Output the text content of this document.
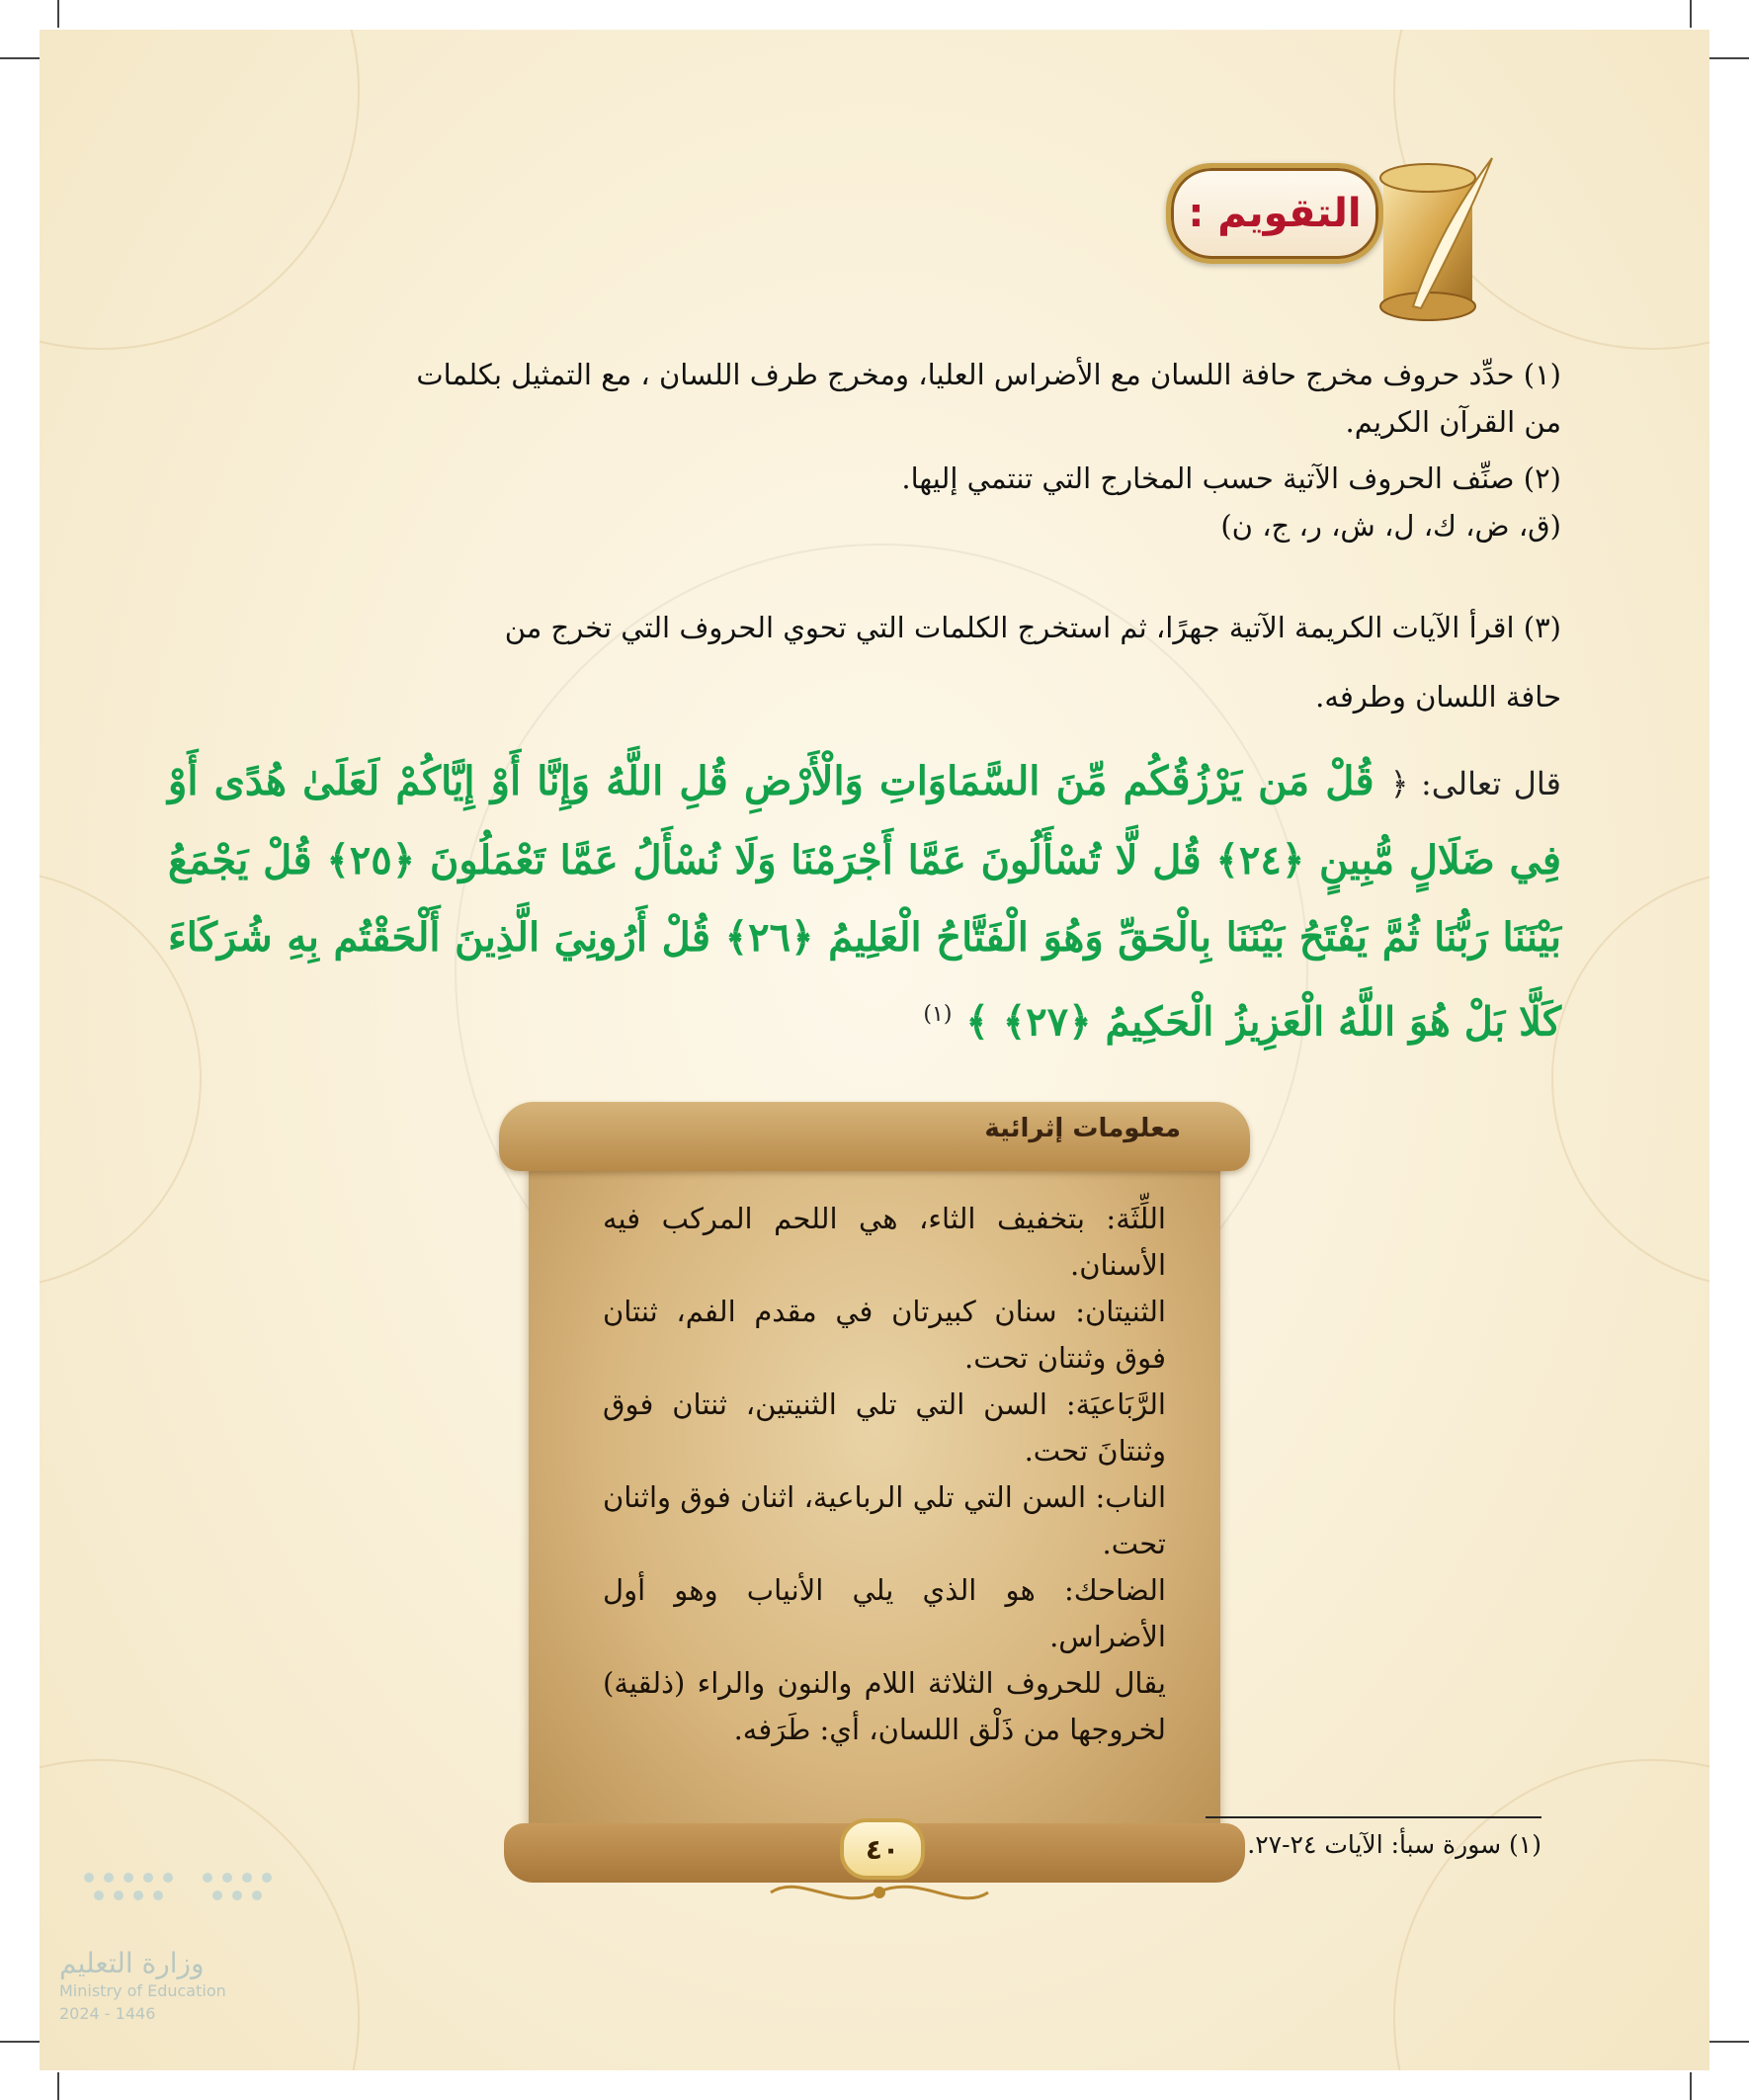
التقويم :
(١) حدِّد حروف مخرج حافة اللسان مع الأضراس العليا، ومخرج طرف اللسان ، مع التمثيل بكلمات
من القرآن الكريم.
(٢) صنِّف الحروف الآتية حسب المخارج التي تنتمي إليها.
(ق، ض، ك، ل، ش، ر، ج، ن)
(٣) اقرأ الآيات الكريمة الآتية جهرًا، ثم استخرج الكلمات التي تحوي الحروف التي تخرج من
حافة اللسان وطرفه.
قال تعالى: ﴿ قُلْ مَن يَرْزُقُكُم مِّنَ السَّمَاوَاتِ وَالْأَرْضِ قُلِ اللَّهُ وَإِنَّا أَوْ إِيَّاكُمْ لَعَلَىٰ هُدًى أَوْ فِي ضَلَالٍ مُّبِينٍ ﴿٢٤﴾ قُل لَّا تُسْأَلُونَ عَمَّا أَجْرَمْنَا وَلَا نُسْأَلُ عَمَّا تَعْمَلُونَ ﴿٢٥﴾ قُلْ يَجْمَعُ بَيْنَنَا رَبُّنَا ثُمَّ يَفْتَحُ بَيْنَنَا بِالْحَقِّ وَهُوَ الْفَتَّاحُ الْعَلِيمُ ﴿٢٦﴾ قُلْ أَرُونِيَ الَّذِينَ أَلْحَقْتُم بِهِ شُرَكَاءَ كَلَّا بَلْ هُوَ اللَّهُ الْعَزِيزُ الْحَكِيمُ ﴿٢٧﴾ ﴾ $^{(١)}$
معلومات إثرائية

اللِّثَة: بتخفيف الثاء، هي اللحم المركب فيه الأسنان.

الثنيتان: سنان كبيرتان في مقدم الفم، ثنتان فوق وثنتان تحت.

الرَّبَاعيَة: السن التي تلي الثنيتين، ثنتان فوق وثنتانَ تحت.

الناب: السن التي تلي الرباعية، اثنان فوق واثنان تحت.

الضاحك: هو الذي يلي الأنياب وهو أول الأضراس.

يقال للحروف الثلاثة اللام والنون والراء (ذلقية) لخروجها من ذَلْق اللسان، أي: طَرَفه.

(١) سورة سبأ: الآيات ٢٤-٢٧.
٤٠
وزارة التعليم
Ministry of Education
2024 - 1446
